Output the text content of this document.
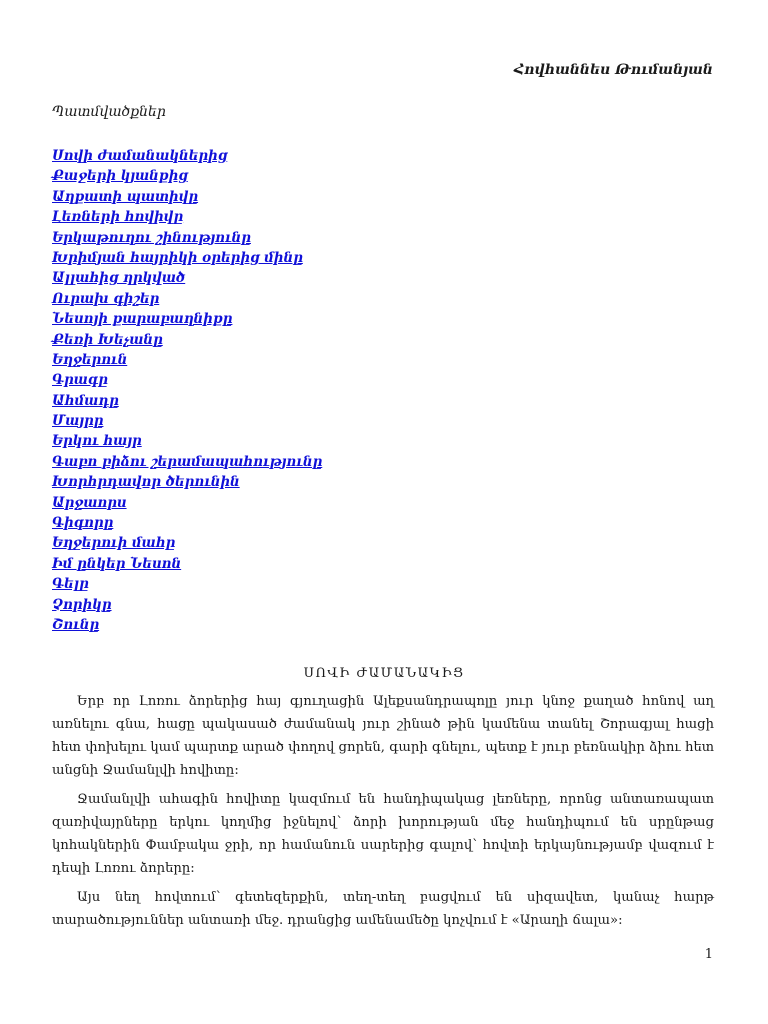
Հովհաննես Թումանյան
Պատմվածքներ
Սովի ժամանակներից
Քաջերի կյանքից
Աղքատի պատիվը
Լեռների հովիվը
Երկաթուղու շինությունը
Խրիմյան հայրիկի օրերից մինը
Ալլահից ղրկված
Ուրախ գիշեր
Նեսոյի քարաբաղնիքը
Քեռի Խեչանը
Եղջերուն
Գրագը
Ահմադը
Մայրը
Երկու հայր
Գաբո բիձու շերամապահությունը
Խորհրդավոր ծերունին
Արջաորս
Գիգորը
Եղջերուի մահը
Իմ ընկեր Նեսոն
Գելը
Չորիկը
Շունը
ՍՈՎԻ ԺԱՄԱՆԱԿԻՑ

Երբ որ Լոռու ձորերից հայ գյուղացին Ալեքսանդրապոլը յուր կնոջ քաղած հոնով աղ առնելու գնա, հացը պակասած ժամանակ յուր շինած թին կամենա տանել Շորագյալ հացի հետ փոխելու կամ պարտք արած փողով ցորեն, գարի գնելու, պետք է յուր բեռնակիր ձիու հետ անցնի Ջամանլվի հովիտը:

Ջամանլվի ահագին հովիտը կազմում են հանդիպակաց լեռները, որոնց անտառապատ զառիվայրները երկու կողմից իջնելով՝ ձորի խորության մեջ հանդիպում են սրընթաց կոհակներին Փամբակա ջրի, որ համանուն սարերից գալով՝ հովտի երկայնությամբ վազում է դեպի Լոռու ձորերը:

Այս նեղ հովտում՝ գետեզերքին, տեղ-տեղ բացվում են սիզավետ, կանաչ հարթ տարածություններ անտառի մեջ. դրանցից ամենամեծը կոչվում է «Արաղի ճալա»:

1
